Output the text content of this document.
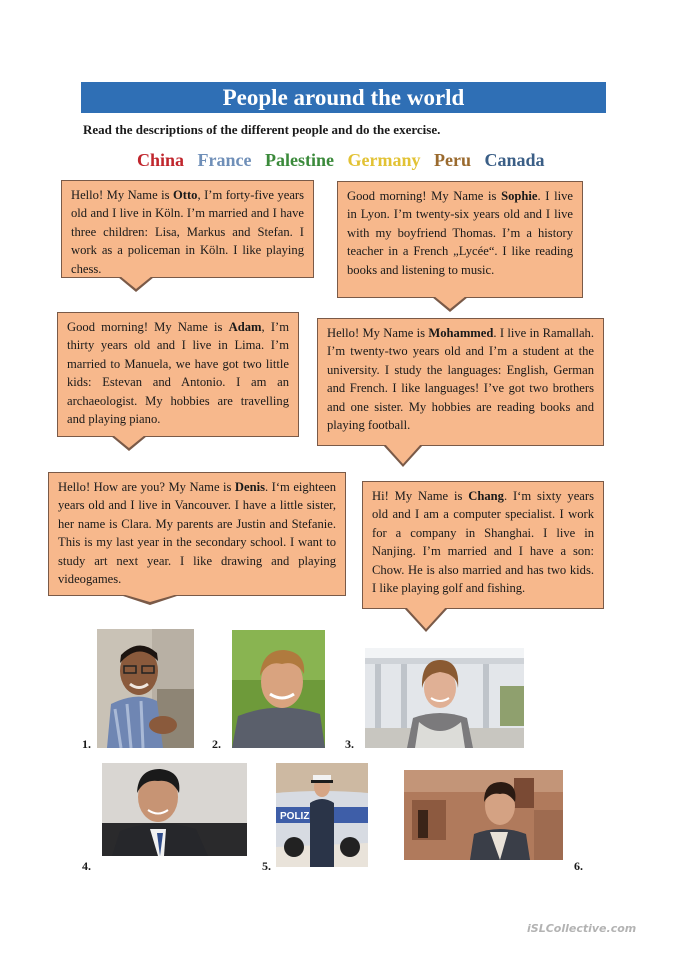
People around the world
Read the descriptions of the different people and do the exercise.
China France Palestine Germany Peru Canada
Hello! My Name is Otto, I’m forty-five years old and I live in Köln. I’m married and I have three children: Lisa, Markus and Stefan. I work as a policeman in Köln. I like playing chess.
Good morning! My Name is Sophie. I live in Lyon. I’m twenty-six years old and I live with my boyfriend Thomas. I’m a history teacher in a French „Lycée“. I like reading books and listening to music.
Good morning! My Name is Adam, I’m thirty years old and I live in Lima. I’m married to Manuela, we have got two little kids: Estevan and Antonio. I am an archaeologist. My hobbies are travelling and playing piano.
Hello! My Name is Mohammed. I live in Ramallah. I’m twenty-two years old and I’m a student at the university. I study the languages: English, German and French. I like languages! I’ve got two brothers and one sister. My hobbies are reading books and playing football.
Hello! How are you? My Name is Denis. I‘m eighteen years old and I live in Vancouver. I have a little sister, her name is Clara. My parents are Justin and Stefanie. This is my last year in the secondary school. I want to study art next year. I like drawing and playing videogames.
Hi! My Name is Chang. I‘m sixty years old and I am a computer specialist. I work for a company in Shanghai. I live in Nanjing. I’m married and I have a son: Chow. He is also married and has two kids. I like playing golf and fishing.
1.	2.	3.
4.
POLIZ
5.	6.
iSLCollective.com
